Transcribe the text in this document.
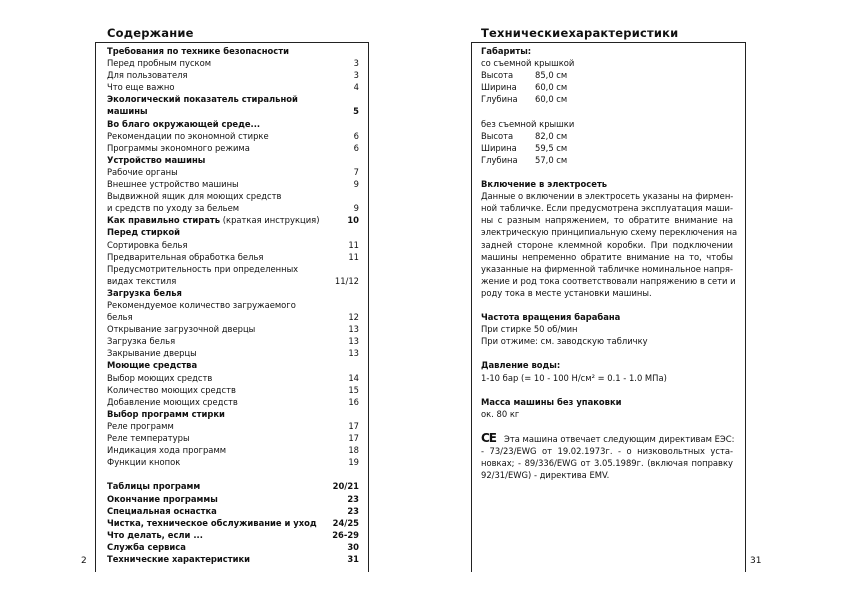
Содержание
2
Требования по технике безопасности
Перед пробным пуском	3
Для пользователя	3
Что еще важно	4
Экологический показатель стиральной
машины	5
Во благо окружающей среде...
Рекомендации по экономной стирке	6
Программы экономного режима	6
Устройство машины
Рабочие органы	7
Внешнее устройство машины	9
Выдвижной ящик для моющих средств
и средств по уходу за бельем	9
Как правильно стирать (краткая инструкция)	10
Перед стиркой
Сортировка белья	11
Предварительная обработка белья	11
Предусмотрительность при определенных
видах текстиля	11/12
Загрузка белья
Рекомендуемое количество загружаемого
белья	12
Открывание загрузочной дверцы	13
Загрузка белья	13
Закрывание дверцы	13
Моющие средства
Выбор моющих средств	14
Количество моющих средств	15
Добавление моющих средств	16
Выбор программ стирки
Реле программ	17
Реле температуры	17
Индикация хода программ	18
Функции кнопок	19
Таблицы программ	20/21
Окончание программы	23
Специальная оснастка	23
Чистка, техническое обслуживание и уход 24/25
Что делать, если ...	26-29
Служба сервиса	30
Технические характеристики	31
Техническиехарактеристики
31
Габариты:
со съемной крышкой
Высота	85,0 см
Ширина	60,0 см
Глубина	60,0 см
без съемной крышки
Высота	82,0 см
Ширина	59,5 см
Глубина	57,0 см
Включение в электросеть
Данные о включении в электросеть указаны на фирмен-
ной табличке. Если предусмотрена эксплуатация маши-
ны с разным напряжением, то обратите внимание на
электрическую принципиальную схему переключения на
задней стороне клеммной коробки. При подключении
машины непременно обратите внимание на то, чтобы
указанные на фирменной табличке номинальное напря-
жение и род тока соответствовали напряжению в сети и
роду тока в месте установки машины.
Частота вращения барабана
При стирке 50 об/мин
При отжиме: см. заводскую табличку
Давление воды:
1-10 бар (= 10 - 100 Н/см² = 0.1 - 1.0 МПа)
Масса машины без упаковки
ок. 80 кг
CE Эта машина отвечает следующим директивам ЕЭС:
- 73/23/EWG от 19.02.1973г. - о низковольтных уста-
новках; - 89/336/EWG от 3.05.1989г. (включая поправку
92/31/EWG) - директива EMV.
